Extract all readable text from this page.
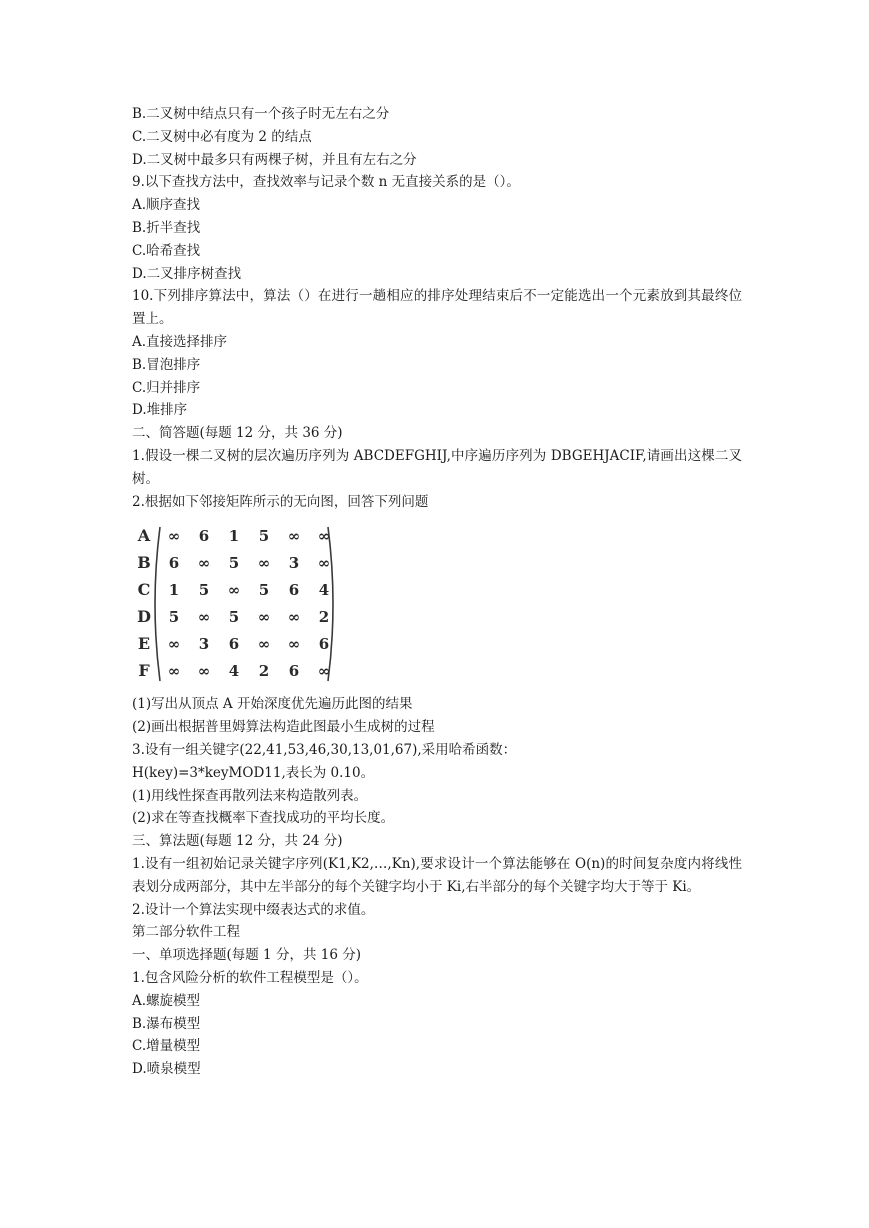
B.二叉树中结点只有一个孩子时无左右之分

C.二叉树中必有度为 2 的结点

D.二叉树中最多只有两棵子树，并且有左右之分

9.以下查找方法中，查找效率与记录个数 n 无直接关系的是（）。

A.顺序查找

B.折半查找

C.哈希查找

D.二叉排序树查找

10.下列排序算法中，算法（）在进行一趟相应的排序处理结束后不一定能选出一个元素放到其最终位置上。

A.直接选择排序

B.冒泡排序

C.归并排序

D.堆排序

二、简答题(每题 12 分，共 36 分)

1.假设一棵二叉树的层次遍历序列为 ABCDEFGHIJ,中序遍历序列为 DBGEHJACIF,请画出这棵二叉树。

2.根据如下邻接矩阵所示的无向图，回答下列问题

A
B
C
D
E
F
∞ 6 1 5 ∞ ∞
6 ∞ 5 ∞ 3 ∞
1 5 ∞ 5 6 4
5 ∞ 5 ∞ ∞ 2
∞ 3 6 ∞ ∞ 6
∞ ∞ 4 2 6 ∞

(1)写出从顶点 A 开始深度优先遍历此图的结果

(2)画出根据普里姆算法构造此图最小生成树的过程

3.设有一组关键字(22,41,53,46,30,13,01,67),采用哈希函数：

H(key)=3*keyMOD11,表长为 0.10。

(1)用线性探查再散列法来构造散列表。

(2)求在等查找概率下查找成功的平均长度。

三、算法题(每题 12 分，共 24 分)

1.设有一组初始记录关键字序列(K1,K2,…,Kn),要求设计一个算法能够在 O(n)的时间复杂度内将线性表划分成两部分，其中左半部分的每个关键字均小于 Ki,右半部分的每个关键字均大于等于 Ki。

2.设计一个算法实现中缀表达式的求值。

第二部分软件工程

一、单项选择题(每题 1 分，共 16 分)

1.包含风险分析的软件工程模型是（）。

A.螺旋模型

B.瀑布模型

C.增量模型

D.喷泉模型
